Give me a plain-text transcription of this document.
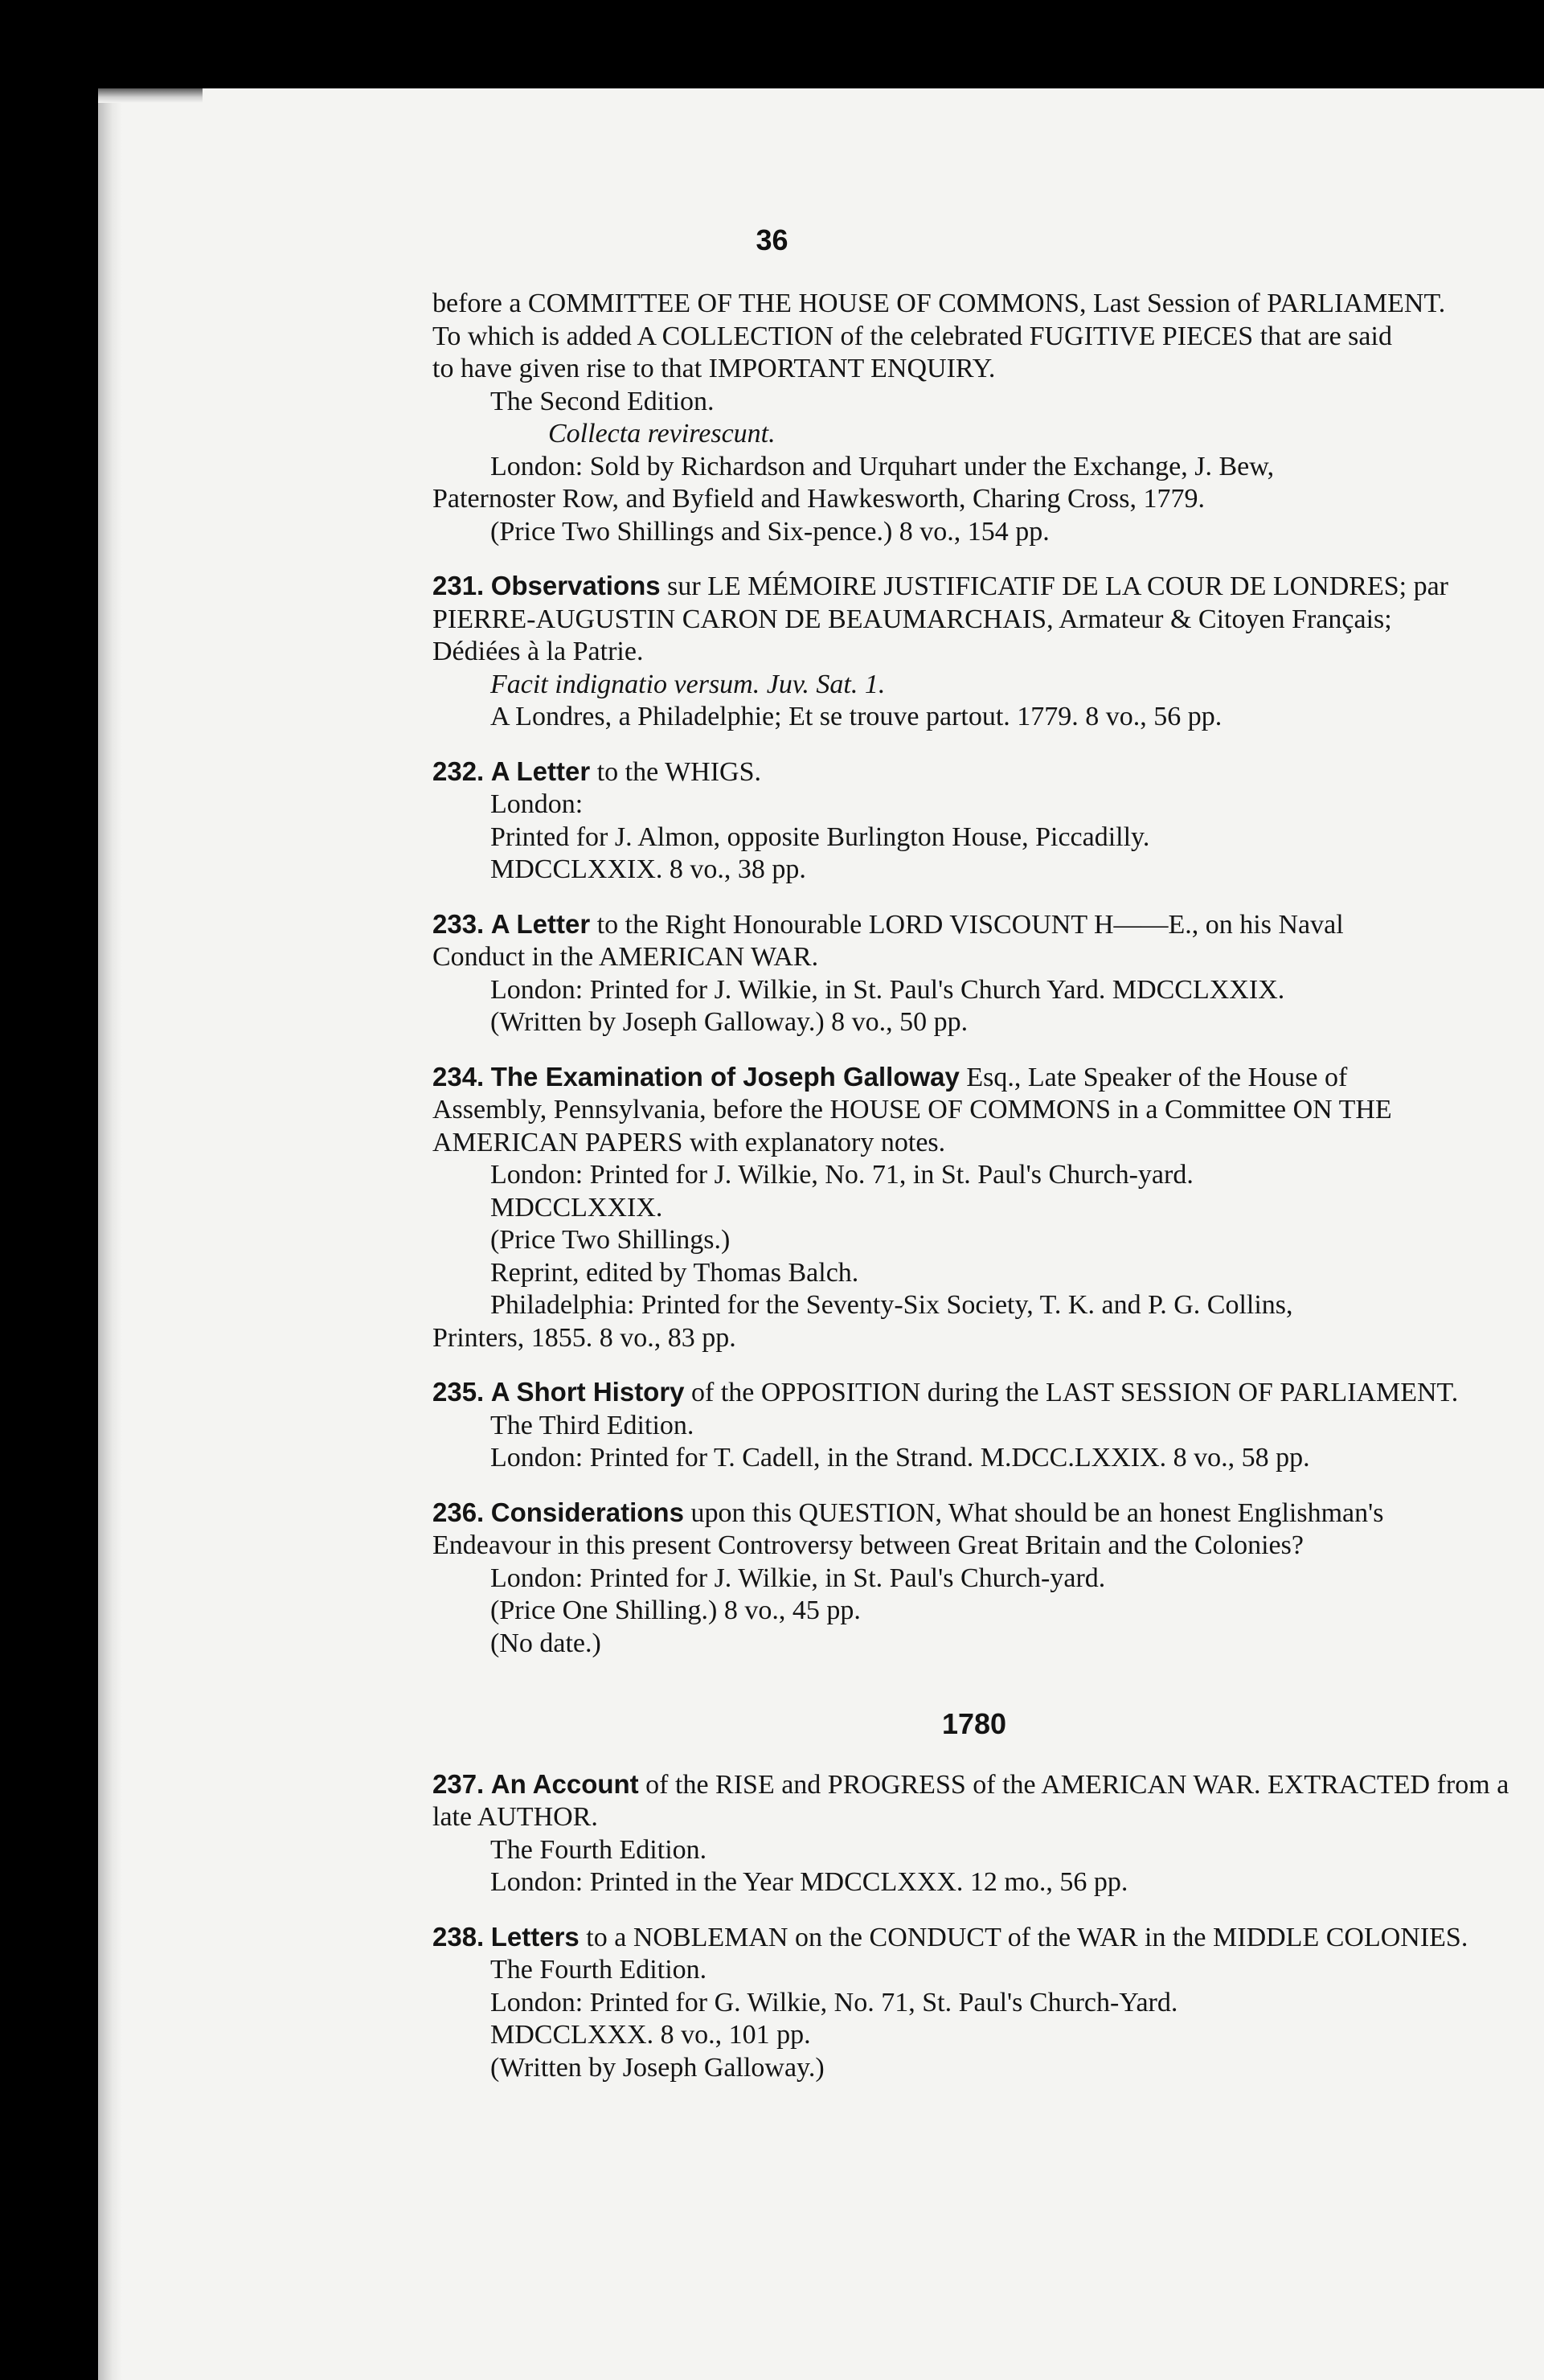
36
before a COMMITTEE OF THE HOUSE OF COMMONS, Last Session of PARLIAMENT.
To which is added A COLLECTION of the celebrated FUGITIVE PIECES that are said
to have given rise to that IMPORTANT ENQUIRY.
The Second Edition.
Collecta revirescunt.
London: Sold by Richardson and Urquhart under the Exchange, J. Bew,
Paternoster Row, and Byfield and Hawkesworth, Charing Cross, 1779.
(Price Two Shillings and Six-pence.) 8 vo., 154 pp.
231. Observations sur LE MÉMOIRE JUSTIFICATIF DE LA COUR DE LONDRES; par
PIERRE-AUGUSTIN CARON DE BEAUMARCHAIS, Armateur & Citoyen Français;
Dédiées à la Patrie.
Facit indignatio versum. Juv. Sat. 1.
A Londres, a Philadelphie; Et se trouve partout. 1779. 8 vo., 56 pp.
232. A Letter to the WHIGS.
London:
Printed for J. Almon, opposite Burlington House, Piccadilly.
MDCCLXXIX. 8 vo., 38 pp.
233. A Letter to the Right Honourable LORD VISCOUNT H——E., on his Naval
Conduct in the AMERICAN WAR.
London: Printed for J. Wilkie, in St. Paul's Church Yard. MDCCLXXIX.
(Written by Joseph Galloway.) 8 vo., 50 pp.
234. The Examination of Joseph Galloway Esq., Late Speaker of the House of
Assembly, Pennsylvania, before the HOUSE OF COMMONS in a Committee ON THE
AMERICAN PAPERS with explanatory notes.
London: Printed for J. Wilkie, No. 71, in St. Paul's Church-yard.
MDCCLXXIX.
(Price Two Shillings.)
Reprint, edited by Thomas Balch.
Philadelphia: Printed for the Seventy-Six Society, T. K. and P. G. Collins,
Printers, 1855. 8 vo., 83 pp.
235. A Short History of the OPPOSITION during the LAST SESSION OF PARLIAMENT.
The Third Edition.
London: Printed for T. Cadell, in the Strand. M.DCC.LXXIX. 8 vo., 58 pp.
236. Considerations upon this QUESTION, What should be an honest Englishman's
Endeavour in this present Controversy between Great Britain and the Colonies?
London: Printed for J. Wilkie, in St. Paul's Church-yard.
(Price One Shilling.) 8 vo., 45 pp.
(No date.)
1780
237. An Account of the RISE and PROGRESS of the AMERICAN WAR. EXTRACTED from a
late AUTHOR.
The Fourth Edition.
London: Printed in the Year MDCCLXXX. 12 mo., 56 pp.
238. Letters to a NOBLEMAN on the CONDUCT of the WAR in the MIDDLE COLONIES.
The Fourth Edition.
London: Printed for G. Wilkie, No. 71, St. Paul's Church-Yard.
MDCCLXXX. 8 vo., 101 pp.
(Written by Joseph Galloway.)
